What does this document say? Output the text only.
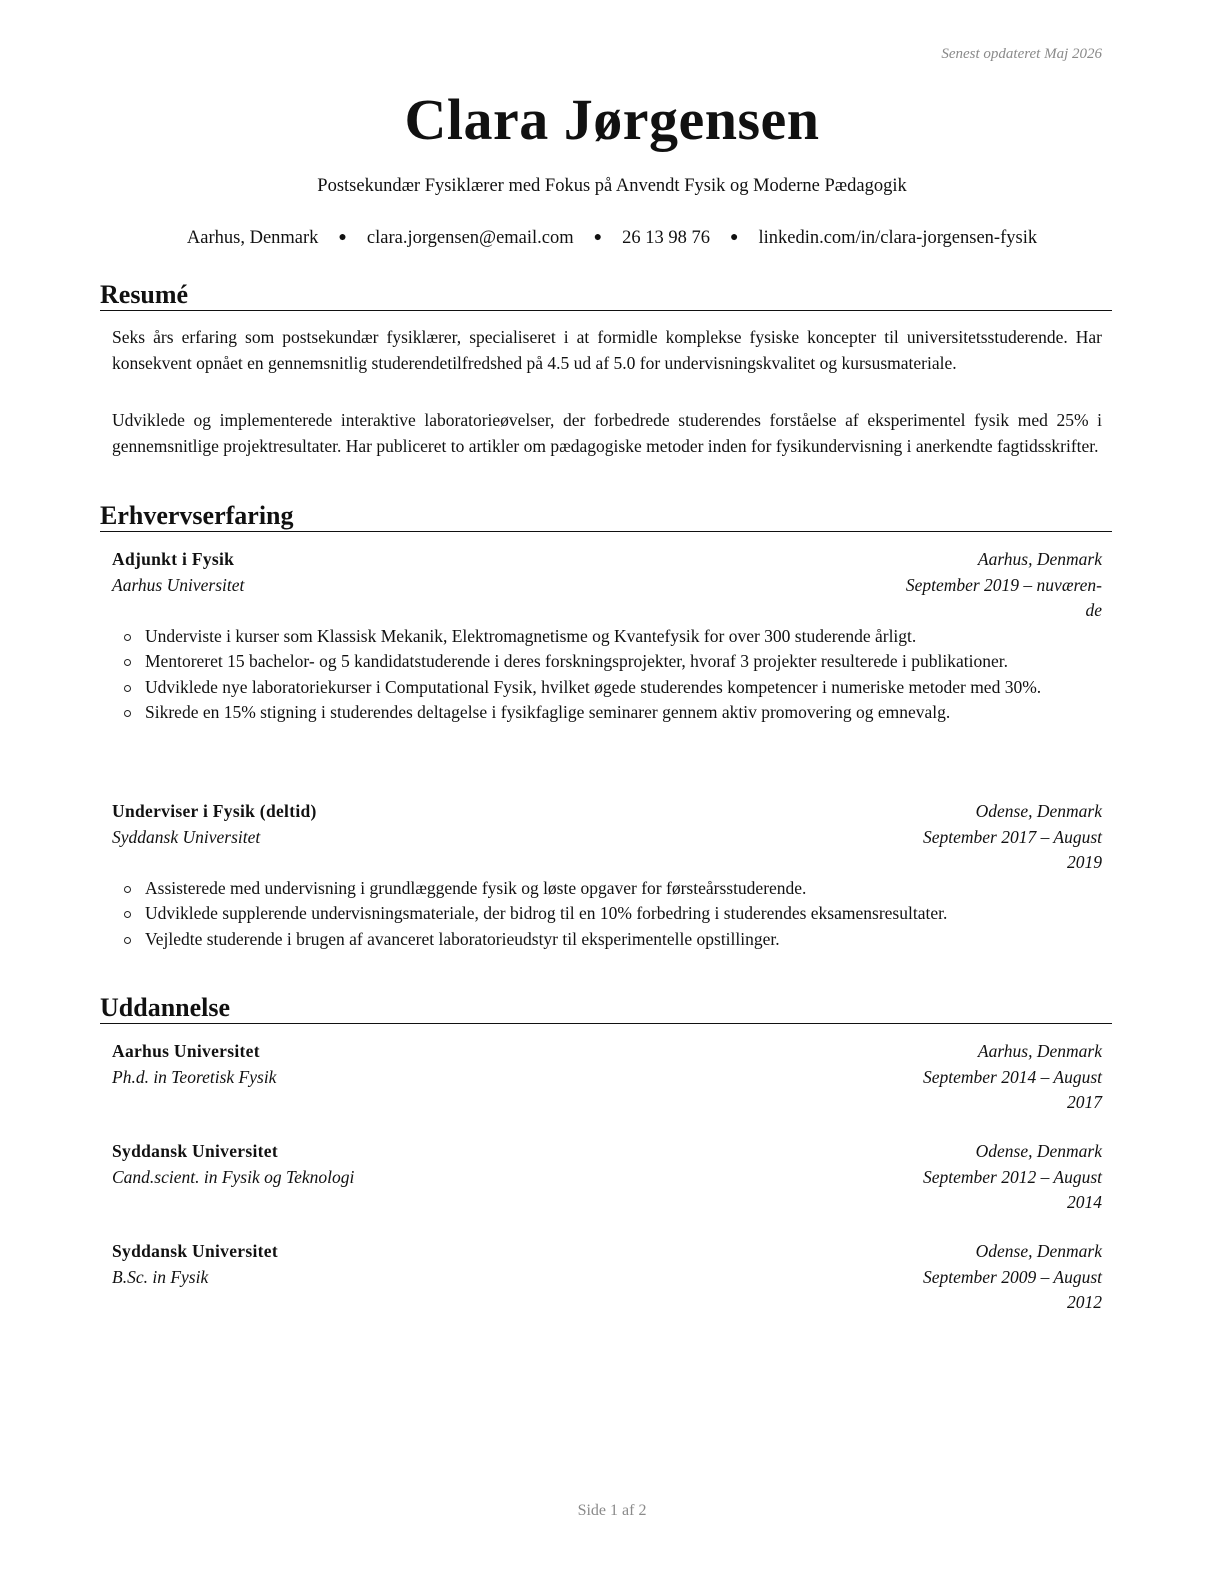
Senest opdateret Maj 2026
Clara Jørgensen
Postsekundær Fysiklærer med Fokus på Anvendt Fysik og Moderne Pædagogik
Aarhus, Denmark ● clara.jorgensen@email.com ● 26 13 98 76 ● linkedin.com/in/clara-jorgensen-fysik
Resumé

Seks års erfaring som postsekundær fysiklærer, specialiseret i at formidle komplekse fysiske koncepter til universitetsstuderende. Har konsekvent opnået en gennemsnitlig studerendetilfredshed på 4.5 ud af 5.0 for undervisningskvalitet og kursusmateriale.

Udviklede og implementerede interaktive laboratorieøvelser, der forbedrede studerendes forståelse af eksperimentel fysik med 25% i gennemsnitlige projektresultater. Har publiceret to artikler om pædagogiske metoder inden for fysikundervisning i anerkendte fagtidsskrifter.

Erhvervserfaring
Adjunkt i Fysik	Aarhus, Denmark
Aarhus Universitet	September 2019 – nuværen-
de
Underviste i kurser som Klassisk Mekanik, Elektromagnetisme og Kvantefysik for over 300 studerende årligt.
Mentoreret 15 bachelor- og 5 kandidatstuderende i deres forskningsprojekter, hvoraf 3 projekter resulterede i publikationer.
Udviklede nye laboratoriekurser i Computational Fysik, hvilket øgede studerendes kompetencer i numeriske metoder med 30%.
Sikrede en 15% stigning i studerendes deltagelse i fysikfaglige seminarer gennem aktiv promovering og emnevalg.
Underviser i Fysik (deltid)	Odense, Denmark
Syddansk Universitet	September 2017 – August
2019
Assisterede med undervisning i grundlæggende fysik og løste opgaver for førsteårsstuderende.
Udviklede supplerende undervisningsmateriale, der bidrog til en 10% forbedring i studerendes eksamensresultater.
Vejledte studerende i brugen af avanceret laboratorieudstyr til eksperimentelle opstillinger.
Uddannelse
Aarhus Universitet	Aarhus, Denmark
Ph.d. in Teoretisk Fysik	September 2014 – August
2017
Syddansk Universitet	Odense, Denmark
Cand.scient. in Fysik og Teknologi	September 2012 – August
2014
Syddansk Universitet	Odense, Denmark
B.Sc. in Fysik	September 2009 – August
2012
Side 1 af 2
